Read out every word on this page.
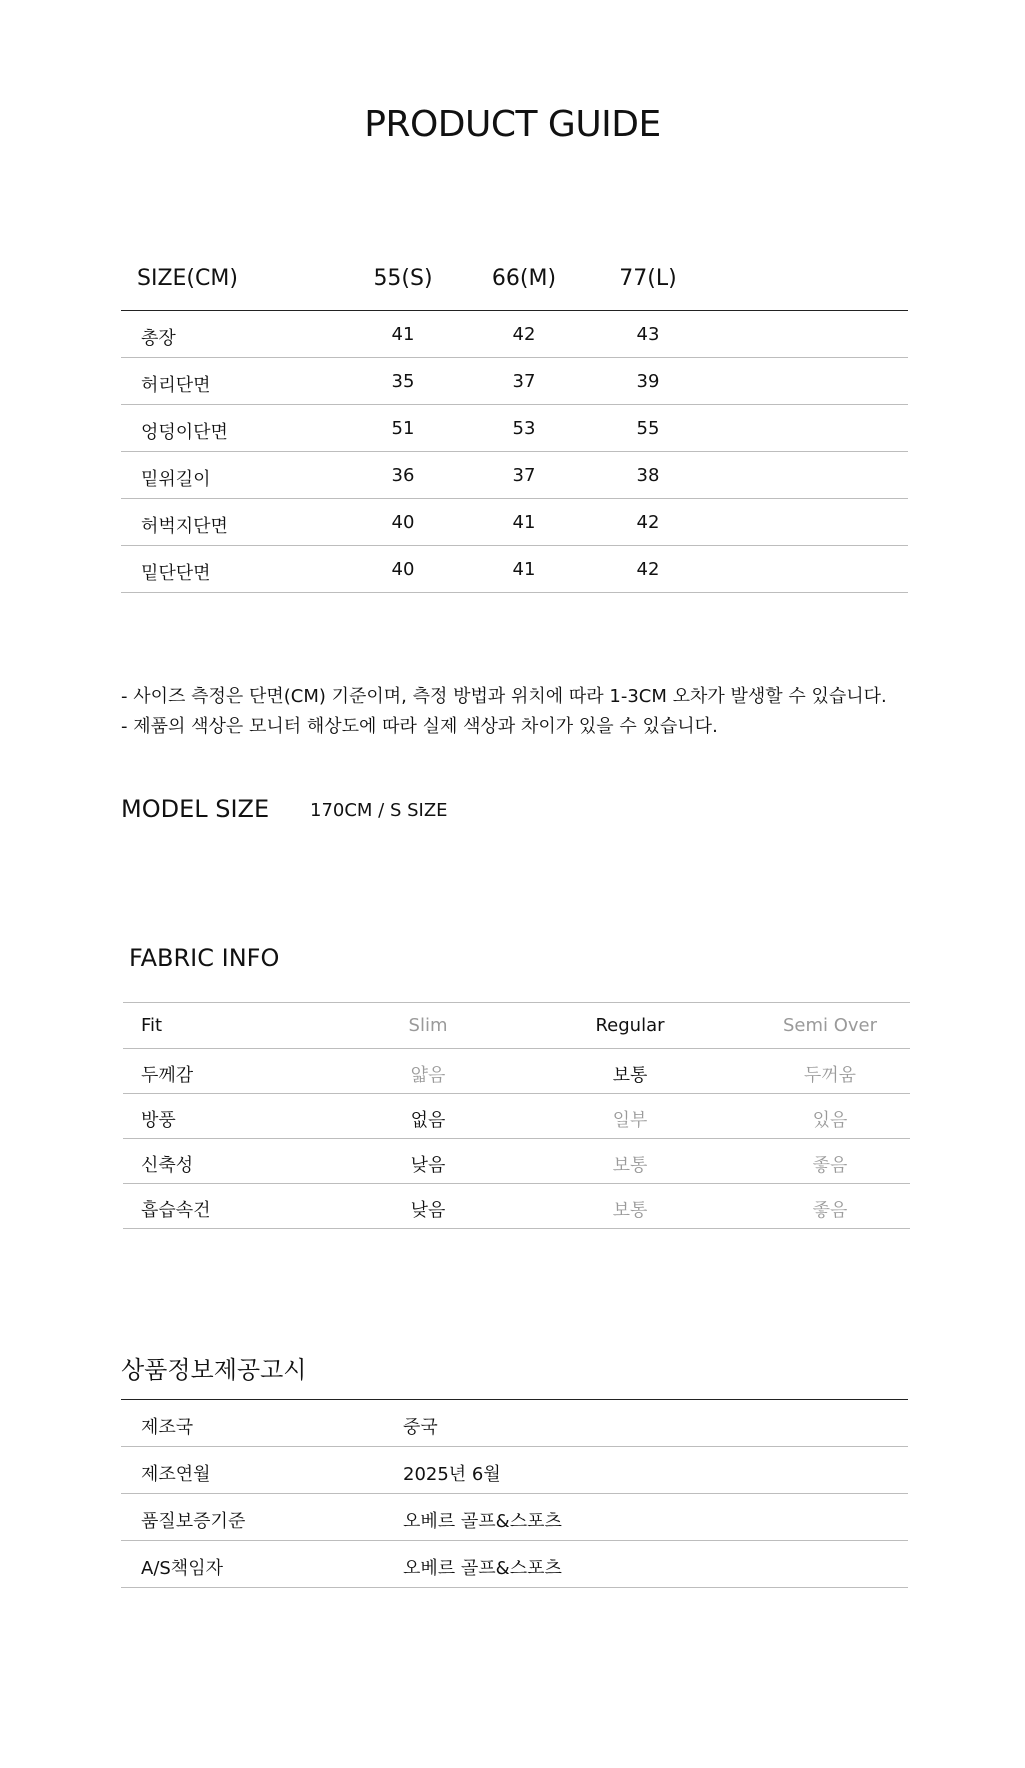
PRODUCT GUIDE
SIZE(CM)	55(S)	66(M)	77(L)
총장	41	42	43
허리단면	35	37	39
엉덩이단면	51	53	55
밑위길이	36	37	38
허벅지단면	40	41	42
밑단단면	40	41	42
- 사이즈 측정은 단면(CM) 기준이며, 측정 방법과 위치에 따라 1-3CM 오차가 발생할 수 있습니다.
- 제품의 색상은 모니터 해상도에 따라 실제 색상과 차이가 있을 수 있습니다.
MODEL SIZE 170CM / S SIZE
FABRIC INFO
Fit	Slim	Regular	Semi Over
두께감	얇음	보통	두꺼움
방풍	없음	일부	있음
신축성	낮음	보통	좋음
흡습속건	낮음	보통	좋음
상품정보제공고시
제조국	중국
제조연월	2025년 6월
품질보증기준	오베르 골프&스포츠
A/S책임자	오베르 골프&스포츠
